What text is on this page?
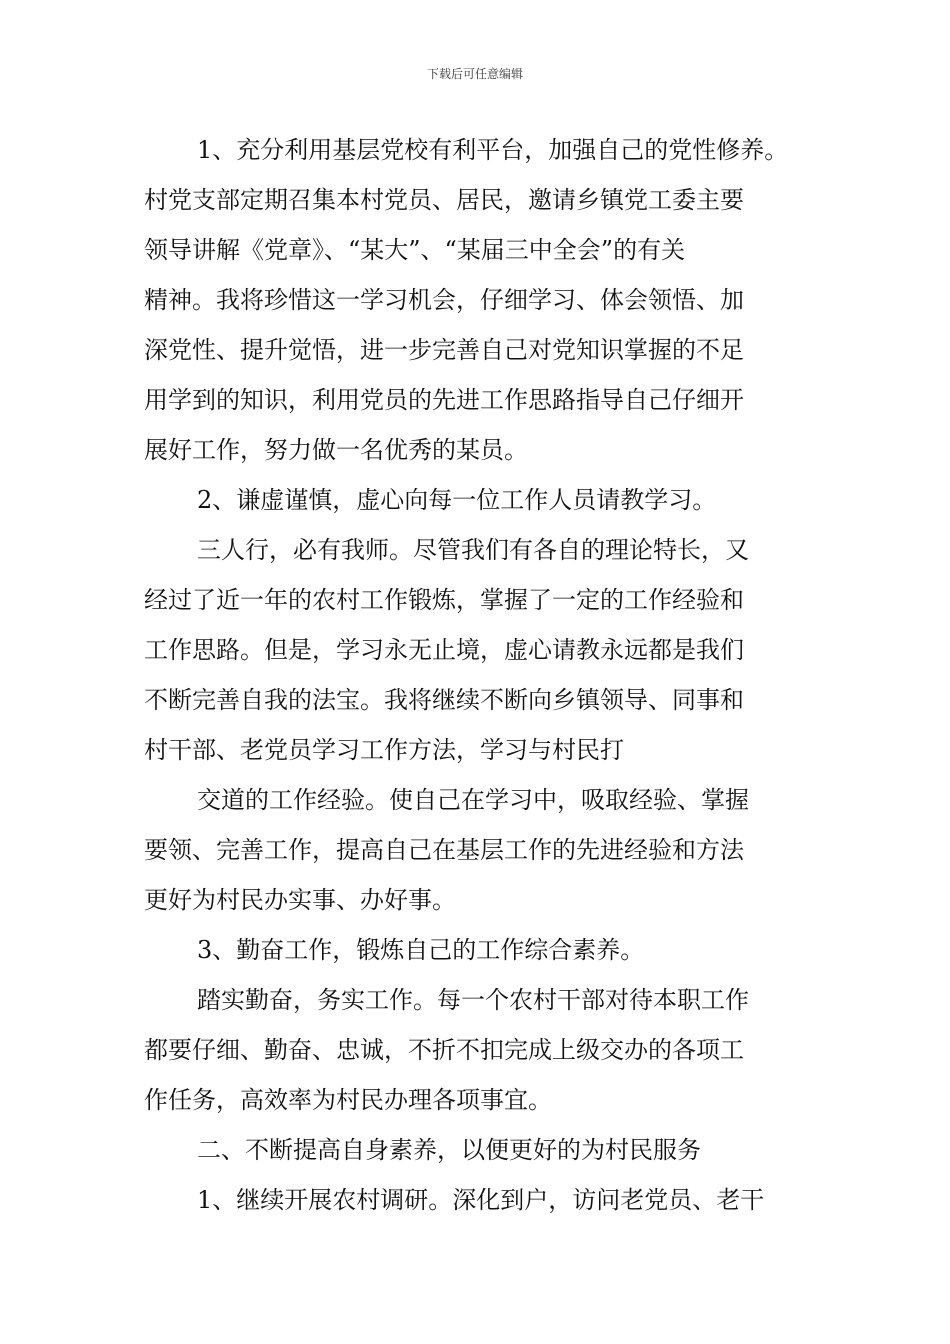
下载后可任意编辑
1、充分利用基层党校有利平台，加强自己的党性修养。
村党支部定期召集本村党员、居民，邀请乡镇党工委主要
领导讲解《党章》、“某大”、“某届三中全会”的有关
精神。我将珍惜这一学习机会，仔细学习、体会领悟、加
深党性、提升觉悟，进一步完善自己对党知识掌握的不足
用学到的知识，利用党员的先进工作思路指导自己仔细开
展好工作，努力做一名优秀的某员。
2、谦虚谨慎，虚心向每一位工作人员请教学习。
三人行，必有我师。尽管我们有各自的理论特长，又
经过了近一年的农村工作锻炼，掌握了一定的工作经验和
工作思路。但是，学习永无止境，虚心请教永远都是我们
不断完善自我的法宝。我将继续不断向乡镇领导、同事和
村干部、老党员学习工作方法，学习与村民打
交道的工作经验。使自己在学习中，吸取经验、掌握
要领、完善工作，提高自己在基层工作的先进经验和方法
更好为村民办实事、办好事。
3、勤奋工作，锻炼自己的工作综合素养。
踏实勤奋，务实工作。每一个农村干部对待本职工作
都要仔细、勤奋、忠诚，不折不扣完成上级交办的各项工
作任务，高效率为村民办理各项事宜。
二、不断提高自身素养，以便更好的为村民服务
1、继续开展农村调研。深化到户，访问老党员、老干
